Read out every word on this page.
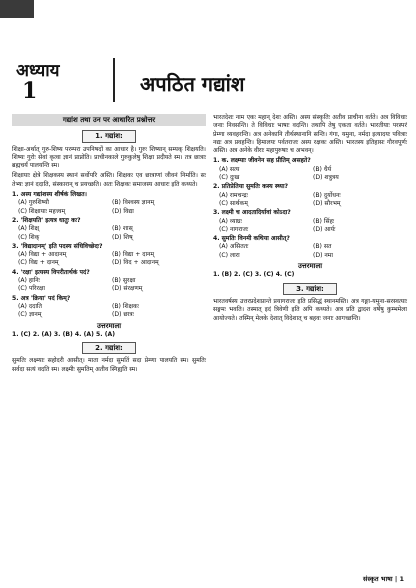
अध्याय
1	अपठित गद्यांश
गद्यांश तथा उन पर आधारित प्रश्नोत्तर
1. गद्यांश:

शिक्षा-अर्थात् गुरु-शिष्य परम्परा उपनिषदों का आधार है। गुरुः शिष्यान् सम्यक् शिक्षयति। शिष्यः गुरोः सेवां कृत्वा ज्ञानं प्राप्नोति। प्राचीनकाले गुरुकुलेषु शिक्षा प्रदीयते स्म। तत्र छात्राः ब्रह्मचर्यं पालयन्ति स्म।

शिक्षायाः क्षेत्रे शिक्षकस्य स्थानं सर्वोपरि अस्ति। शिक्षकः एव छात्राणां जीवनं निर्माति। सः तेभ्यः ज्ञानं ददाति, संस्कारान् च प्रयच्छति। अतः शिक्षकः समाजस्य आधारः इति कथ्यते।

1. अस्य गद्यांशस्य शीर्षकं लिखत।
(A) गुरुशिष्यौ	(B) विश्वस्य ज्ञानम्
(C) शिक्षायाः महत्त्वम्	(D) विद्या
2. 'शिक्षयति' इत्यत्र धातुः कः?
(A) शिक्ष्	(B) शास्
(C) शिक्	(D) शिष्
3. 'विद्यादानम्' इति पदस्य संधिविच्छेदः?
(A) विद्या + आदानम्	(B) विद्या + दानम्
(C) विद्य + दानम्	(D) विद + आदानम्
4. 'रक्षा' इत्यस्य विपरीतार्थकं पदं?
(A) हानिः	(B) सुरक्षा
(C) परिरक्षा	(D) संरक्षणम्
5. अत्र 'क्रिया' पदं किम्?
(A) ददाति	(B) शिक्षकः
(C) ज्ञानम्	(D) छात्रः
उत्तरमाला
1. (C) 2. (A) 3. (B) 4. (A) 5. (A)
2. गद्यांश:

सुमतिः लक्ष्म्याः सहोदरी आसीत्। माता नर्मदा सुमतिं सदा प्रेम्णा पालयति स्म। सुमतिः सर्वदा सत्यं वदति स्म। लक्ष्मीः सुमतिम् अतीव स्निह्यति स्म।

भारतदेशः नाम एकः महान् देशः अस्ति। अस्य संस्कृतिः अतीव प्राचीना वर्तते। अत्र विविधाः जनाः निवसन्ति। ते विविधाः भाषाः वदन्ति। तथापि तेषु एकता वर्तते। भारतीयाः परस्परं प्रेम्णा व्यवहरन्ति। अत्र अनेकानि तीर्थस्थानानि सन्ति। गंगा, यमुना, नर्मदा इत्यादयः पवित्राः नद्यः अत्र प्रवहन्ति। हिमालयः पर्वतराजः अस्य रक्षकः अस्ति। भारतस्य इतिहासः गौरवपूर्णः अस्ति। अत्र अनेके वीराः महापुरुषाः च अभवन्।

1. क. लक्ष्म्याः जीवनेन सह प्रीतिम् असहते?
(A) सत्य	(B) धैर्य
(C) दुःख	(D) शत्रुत्रय
2. प्रतिप्रेतिया सुमतिः कस्य स्थ्या?
(A) रामचन्द्रः	(B) दुर्योधनः
(C) सार्थकम्	(D) सौरभम्
3. लक्ष्मी च आदतादिर्यावां कोऽदा?
(A) व्याघ्रः	(B) सिंहः
(C) नागराजः	(D) आर्यः
4. सुमतिः विनमी कथिया आसीत्?
(A) असिततः	(B) सत
(C) लारा	(D) नमा
उत्तरमाला
1. (B) 2. (C) 3. (C) 4. (C)
3. गद्यांश:

भारतवर्षस्य उत्तरप्रदेशप्रान्ते प्रयागराजः इति प्रसिद्धं स्थानमस्ति। अत्र गङ्गा-यमुना-सरस्वत्याः सङ्गमः भवति। तस्मात् इदं त्रिवेणी इति अपि कथ्यते। अत्र प्रति द्वादश वर्षेषु कुम्भमेला आयोज्यते। तस्मिन् मेलके देशात् विदेशात् च बहवः जनाः आगच्छन्ति।

संस्कृत भाषा | 1
